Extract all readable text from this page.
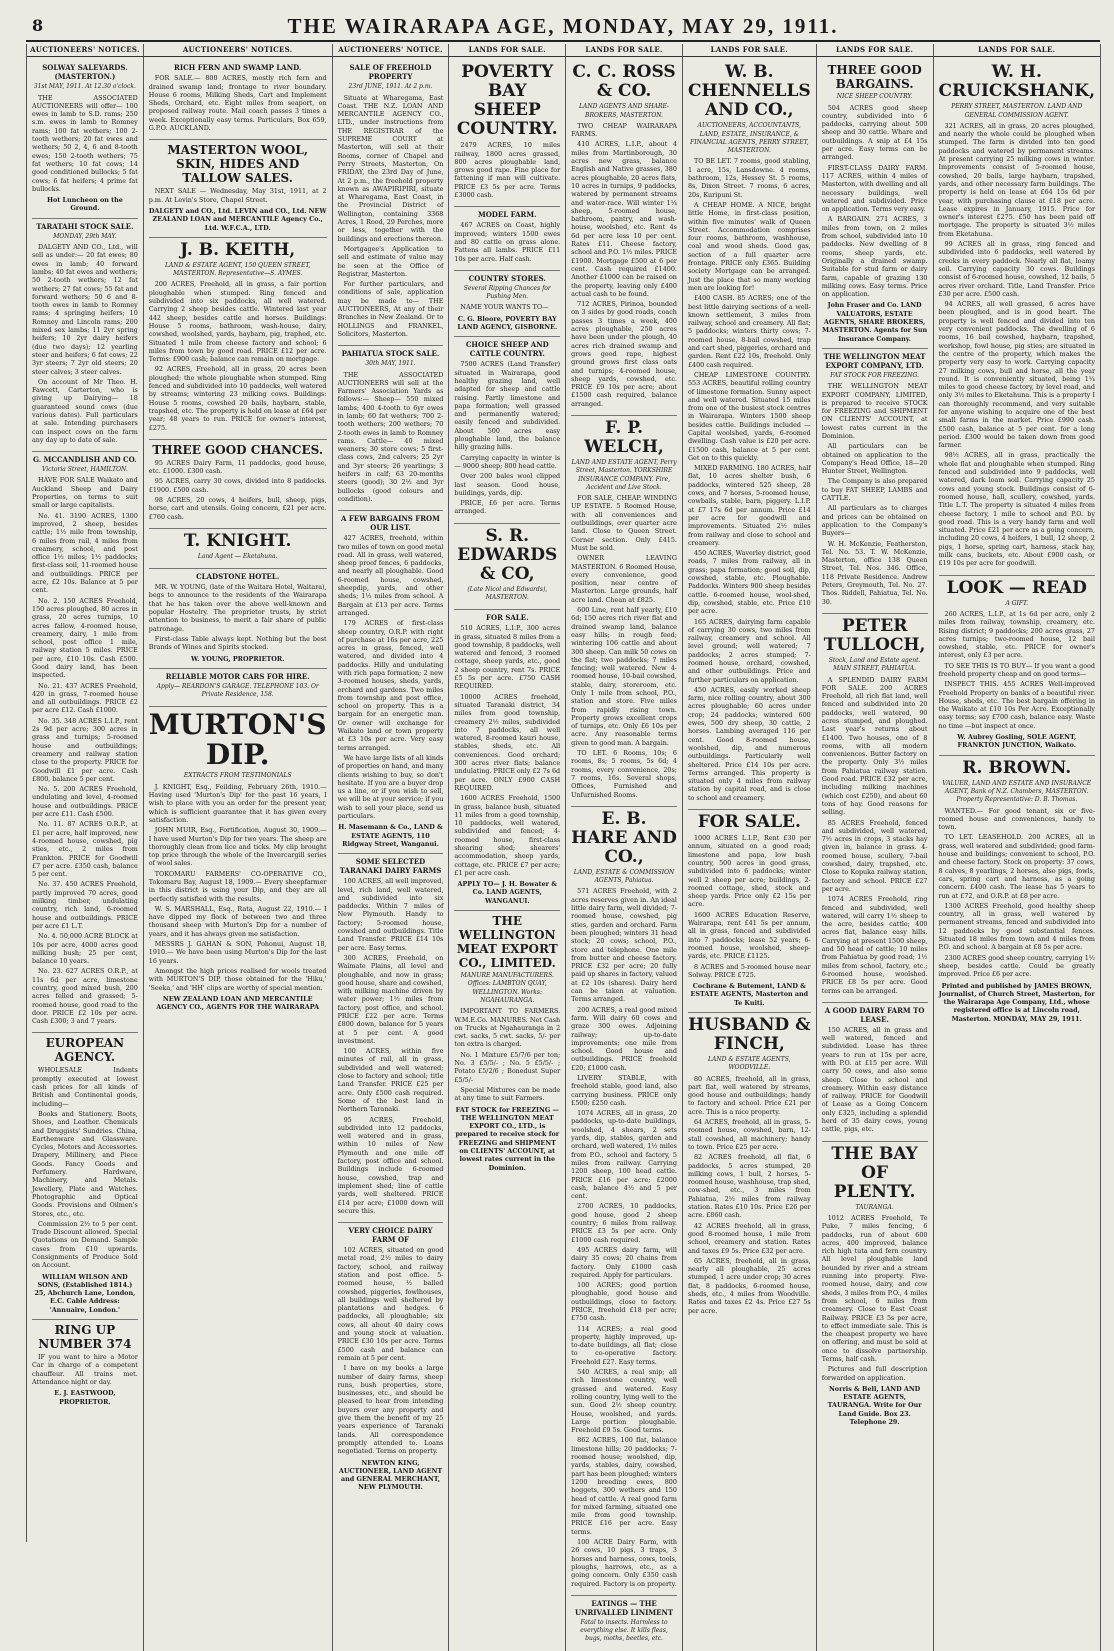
8	THE WAIRARAPA AGE, MONDAY, MAY 29, 1911.
AUCTIONEERS' NOTICES.
SOLWAY SALEYARDS. (MASTERTON.)
31st MAY, 1911. At 12.30 o'clock.

THE ASSOCIATED AUCTIONEERS will offer— 100 ewes in lamb to S.D. rams; 250 s.m. ewes in lamb to Romney rams; 100 fat wethers; 100 2-tooth wethers; 20 fat ewes and wethers; 50 2, 4, 6 and 8-tooth ewes; 150 2-tooth wethers; 75 fat wethers; 10 fat cows; 14 good conditioned bullocks; 5 fat cows; 6 fat heifers; 4 prime fat bullocks.

Hot Luncheon on the Ground.
TARATAHI STOCK SALE.
MONDAY, 29th MAY.

DALGETY AND CO., Ltd., will sell as under:— 20 fat ewes; 80 ewes in lamb; 40 forward lambs; 40 fat ewes and wethers; 50 2-tooth wethers; 12 fat wethers; 27 fat cows; 55 fat and forward wethers; 50 6 and 8-tooth ewes in lamb to Romney rams; 4 springing heifers; 10 Romney and Lincoln rams; 200 mixed sex lambs; 11 2yr spring heifers; 10 2yr dairy heifers (due two days); 12 yearling steer and heifers; 6 fat cows; 22 3yr steers; 7 2yr old steers; 20 steer calves; 3 steer calves.

On account of Mr Theo. H. Fawcett, Carterton, who is giving up Dairying— 18 guaranteed sound cows (due various dates). Full particulars at sale. Intending purchasers can inspect cows on the farm any day up to date of sale.

G. MCCANDLISH AND CO.
Victoria Street, HAMILTON.

HAVE FOR SALE Waikato and Auckland Sheep and Dairy Properties, on terms to suit small or large capitalists.

No. 41. 3190 ACRES, 1300 improved, 2 sheep, besides cattle; 1½ mile from township, 6 miles from rail, 4 miles from creamery, school, and post office 1½ miles; 1½ paddocks; first-class soil, 11-roomed house and outbuildings. PRICE per acre, £2 10s. Balance at 5 per cent.

No. 2. 150 ACRES Freehold, 150 acres ploughed, 80 acres in grass, 20 acres turnips, 10 acres fallow, 4-roomed house, creamery, dairy, 1 mile from school, post office 1 mile, railway station 5 miles. PRICE per acre, £10 10s. Cash £500. Good dairy land, has been inspected.

No. 21. 437 ACRES Freehold, 420 in grass, 7-roomed house and all outbuildings. PRICE £2 per acre £12. Cash £1000.

No. 35. 348 ACRES L.I.P., rent 2s 9d per acre; 300 acres in grass and turnips; 5-roomed house and outbuildings; creamery and railway station close to the property. PRICE for Goodwill £1 per acre. Cash £800, balance 5 per cent.

No. 5. 200 ACRES Freehold, undulating and level, 4-roomed house and outbuildings. PRICE per acre £11. Cash £500.

No. 11. 87 ACRES O.R.P., at £1 per acre, half improved, new 4-roomed house, cowshed, pig sties, etc., 2 miles from Frankton. PRICE for Goodwill £7 per acre. £350 cash, balance 5 per cent.

No. 37. 450 ACRES Freehold, partly improved 70 acres, good milking timber, undulating country, rich land, 6-roomed house and outbuildings. PRICE per acre £1 L.T.

No. 4. 50,000 ACRE BLOCK at 10s per acre, 4000 acres good milking bush; 25 per cent, balance 10 years.

No. 23. 627 ACRES O.R.P., at 11s 6d per acre, limestone country, good mixed bush, 200 acres felled and grassed; 5-roomed house, good road to the door. PRICE £2 10s per acre. Cash £300; 3 and 7 years.

EUROPEAN AGENCY.

WHOLESALE Indents promptly executed at lowest cash prices for all kinds of British and Continental goods, including—

Books and Stationery. Boots, Shoes, and Leather. Chemicals and Druggists' Sundries. China, Earthenware and Glassware. Cycles, Motors and Accessories. Drapery, Millinery, and Piece Goods. Fancy Goods and Perfumery. Hardware, Machinery, and Metals. Jewellery, Plate and Watches. Photographic and Optical Goods. Provisions and Oilmen's Stores, etc., etc.

Commission 2½ to 5 per cent. Trade Discount allowed. Special Quotations on Demand. Sample cases from £10 upwards. Consignments of Produce Sold on Account.

WILLIAM WILSON AND SONS, (Established 1814.) 25, Abchurch Lane, London, E.C. Cable Address: 'Annuaire, London.'
RING UP NUMBER 374

IF you want to hire a Motor Car in charge of a competent chauffeur. All trains met. Attendance night or day.

E. J. EASTWOOD, PROPRIETOR.
AUCTIONEERS' NOTICES.
RICH FERN AND SWAMP LAND.

FOR SALE.— 800 ACRES, mostly rich fern and drained swamp land; frontage to river boundary. House 6 rooms, Milking Sheds, Cart and Implement Sheds, Orchard, etc. Eight miles from seaport, on proposed railway route. Mail coach passes 3 times a week. Exceptionally easy terms. Particulars, Box 659, G.P.O. AUCKLAND.

MASTERTON WOOL, SKIN, HIDES AND TALLOW SALES.

NEXT SALE — Wednesday, May 31st, 1911, at 2 p.m. At Levin's Store, Chapel Street.

DALGETY and CO., Ltd. LEVIN and CO., Ltd. NEW ZEALAND LOAN and MERCANTILE Agency Co., Ltd. W.F.C.A., LTD.
J. B. KEITH,
LAND & ESTATE AGENT, 150 QUEEN STREET, MASTERTON. Representative—S. AYMES.

200 ACRES, Freehold, all in grass, a fair portion ploughable when stumped. Ring fenced and subdivided into six paddocks, all well watered. Carrying 2 sheep besides cattle. Wintered last year 442 sheep, besides cattle and horses. Buildings: House 5 rooms, bathroom, wash-house, dairy, cowshed, woolshed, yards, haybarn, pig, traphed, etc. Situated 1 mile from cheese factory and school; 6 miles from town by good road. PRICE £12 per acre. Terms: £900 cash; balance can remain on mortgage.

92 ACRES, Freehold, all in grass, 20 acres been ploughed; the whole ploughable when stumped. Ring fenced and subdivided into 10 paddocks, well watered by streams; wintering 23 milking cows. Buildings: House 5 rooms, cowshed 20 bails, haybarn, stable, trapshed, etc. The property is held on lease at £64 per year; 48 years to run. PRICE for owner's interest, £275.

THREE GOOD CHANCES.

95 ACRES Dairy Farm, 11 paddocks, good house, etc. £1000. £300 cash.

95 ACRES, carry 30 cows, divided into 8 paddocks. £1900. £500 cash.

98 ACRES, 20 cows, 4 heifers, bull, sheep, pigs, horse, cart and utensils. Going concern, £21 per acre. £760 cash.

T. KNIGHT.
Land Agent — Eketahuna.
CLADSTONE HOTEL.

MR. W. YOUNG, (late of the Waitara Hotel, Waitara), begs to announce to the residents of the Wairarapa that he has taken over the above well-known and popular Hostelry. The proprietor trusts, by strict attention to business, to merit a fair share of public patronage.

First-class Table always kept. Nothing but the best Brands of Wines and Spirits stocked.

W. YOUNG, PROPRIETOR.
RELIABLE MOTOR CARS FOR HIRE.
Apply— REARDON'S GARAGE. TELEPHONE 103. Or Private Residence, 158.
MURTON'S DIP.
EXTRACTS FROM TESTIMONIALS

J. KNIGHT, Esq., Feilding, February 26th, 1910.— Having used 'Murton's Dip' for the past 16 years, I wish to place with you an order for the present year, which is sufficient guarantee that it has given every satisfaction.

JOHN MUIR, Esq., Fortification, August 30, 1909.— I have used Murton's Dip for two years. The sheep are thoroughly clean from lice and ticks. My clip brought top price through the whole of the Invercargill series of wool sales.

TOKOMARU FARMERS' CO-OPERATIVE CO., Tokomaru Bay, August 18, 1909.— Every sheepfarmer in this district is using your Dip, and they are all perfectly satisfied with the results.

W. S. MARSHALL, Esq., Rata, August 22, 1910.— I have dipped my flock of between two and three thousand sheep with Murton's Dip for a number of years, and it has always given me satisfaction.

MESSRS J. GAHAN & SON, Pohonui, August 18, 1910.— We have been using Murton's Dip for the last 16 years.

Amongst the high prices realised for wools treated with MURTON'S DIP, those obtained for the 'Hiku,' 'Seeka,' and 'HH' clips are worthy of special mention.

NEW ZEALAND LOAN AND MERCANTILE AGENCY CO., AGENTS FOR THE WAIRARAPA
AUCTIONEERS' NOTICE.
SALE OF FREEHOLD PROPERTY
23rd JUNE, 1911. At 2 p.m.

Situate at Wharegama, East Coast. THE N.Z. LOAN AND MERCANTILE AGENCY CO., LTD., under instructions from THE REGISTRAR of the SUPREME COURT at Masterton, will sell at their Rooms, corner of Chapel and Perry Streets, Masterton, On FRIDAY, the 23rd Day of June, At 2 p.m., the freehold property known as AWAPIRIPIRI, situate at Wharegama, East Coast, in the Provincial District of Wellington, containing 3368 Acres, 1 Rood, 29 Perches, more or less, together with the buildings and erections thereon.

Mortgagee's Application to sell and estimate of value may be seen at the Office of Registrar, Masterton.

For further particulars, and conditions of sale, application may be made to— THE AUCTIONEERS, At any of their Branches in New Zealand. Or to HOLLINGS and FRANKEL, Solicitors, Masterton.

PAHIATUA STOCK SALE.
30th MAY, 1911.

THE ASSOCIATED AUCTIONEERS will sell at the Farmers' Association Yards as follows:— Sheep— 550 mixed lambs; 400 4-tooth to 6yr ewes in lamb; 60 fat wethers; 700 2-tooth wethers; 200 wethers; 70 2-tooth ewes in lamb to Romney rams. Cattle— 40 mixed weaners; 30 store cows; 5 first-class cows, 2nd calvers; 25 2yr and 3yr steers; 26 yearlings; 3 heifers in calf; 63 20-months steers (good); 30 2½ and 3yr bullocks (good colours and condition).

A FEW BARGAINS FROM OUR LIST.

427 ACRES, freehold, within two miles of town on good metal road. All in grass, well watered, sheep proof fences, 6 paddocks, and nearly all ploughable. Good 6-roomed house, cowshed, sheepdip, yards, and other sheds; 1½ miles from school. A Bargain at £13 per acre. Terms arranged.

179 ACRES of first-class sheep country, O.R.P. with right of purchase at 16s per acre, 225 acres in grass, fenced, well watered, and divided into 4 paddocks. Hilly and undulating with rich papa formation; 2 new 3-roomed houses, sheds, yards, orchard and gardens. Two miles from township and post office, school on property. This is a bargain for an energetic man. Or owner will exchange for Waikato land or town property at £3 10s per acre. Very easy terms arranged.

We have large lists of all kinds of properties on hand, and many clients wishing to buy, so don't hesitate. If you are a buyer drop us a line, or if you wish to sell, we will be at your service; if you wish to sell your place, send us particulars.

H. Masemann & Co., LAND & ESTATE AGENTS, 110 Ridgway Street, Wanganui.
SOME SELECTED TARANAKI DAIRY FARMS

100 ACRES, all well improved, level, rich land, well watered, and subdivided into six paddocks. Within 7 miles of New Plymouth. Handy to factory; 5-roomed house, cowshed and outbuildings. Title Land Transfer. PRICE £14 10s per acre. Easy terms.

300 ACRES, Freehold, on Waimate Plains, all level and ploughable, and now in grass; good house, share and cowshed, with milking machine driven by water power; 1½ miles from factory, post office, and school. PRICE £22 per acre. Terms £800 down, balance for 5 years at 5 per cent. A good investment.

100 ACRES, within five minutes of rail, all in grass, subdivided and well watered; close to factory and school; title Land Transfer. PRICE £25 per acre. Only £500 cash required. Some of the best land in Northern Taranaki.

95 ACRES, Freehold, subdivided into 12 paddocks, well watered and in grass, within 10 miles of New Plymouth and one mile off factory, post office and school. Buildings include 6-roomed house, cowshed, trap and implement shed; line of cattle yards, well sheltered. PRICE £14 per acre; £1000 down will secure this.

VERY CHOICE DAIRY FARM OF

102 ACRES, situated on good metal road, 2½ miles to dairy factory, school, and railway station and post office. 5-roomed house, ½ balled cowshed, piggeries, fowlhouses, all buildings well sheltered by plantations and hedges. 6 paddocks, all ploughable; six cows, all about 40 dairy cows and young stock at valuation. PRICE £30 10s per acre. Terms £500 cash and balance can remain at 5 per cent.

I have on my books a large number of dairy farms, sheep runs, bush properties, store, businesses, etc., and should be pleased to hear from intending buyers over any property and give them the benefit of my 25 years experience of Taranaki lands. All correspondence promptly attended to. Loans negotiated. Terms on property.

NEWTON KING, AUCTIONEER, LAND AGENT and GENERAL MERCHANT, NEW PLYMOUTH.
LANDS FOR SALE.
POVERTY BAY SHEEP COUNTRY.

2479 ACRES, 10 miles railway, 1800 acres grassed, 800 acres ploughable land, grows good rape. Fine place for fattening if man will cultivate. PRICE £3 5s per acre. Terms £3000 cash.

MODEL FARM.

467 ACRES on Coast, highly improved; winters 1500 ewes and 80 cattle on grass alone. Fattens all lambs. PRICE £11 10s per acre. Half cash.

COUNTRY STORES.
Several Ripping Chances for Pushing Men.

NAME YOUR WANTS TO—

C. G. Bloore, POVERTY BAY LAND AGENCY, GISBORNE.
CHOICE SHEEP AND CATTLE COUNTRY.

7500 ACRES (Land Transfer) situated in Wairarapa, good healthy grazing land, well adapted for sheep and cattle raising. Partly limestone and papa formation; well grassed and permanently watered; easily fenced and subdivided. About 500 acres easy ploughable land, the balance hilly grazing hills.

Carrying capacity in winter is— 9000 sheep; 800 head cattle.

Over 200 bales wool clipped last season. Good house, buildings, yards, dip.

PRICE, £6 per acre. Terms arranged.

S. R. EDWARDS & CO,
(Late Nicol and Edwards), MASTERTON.
FOR SALE.

510 ACRES, L.I.P., 300 acres in grass, situated 8 miles from a good township, 8 paddocks, well watered and fenced, 3 roomed cottage, sheep yards, etc., good 2 sheep country, rent 7s. PRICE £5 5s per acre. £750 CASH REQUIRED.

10000 ACRES freehold, situated Taranaki district, 34 miles from good township, creamery 2½ miles, subdivided into 7 paddocks, all well watered, 8-roomed kauri house, stables, sheds, etc. All conveniences. Good orchard; 300 acres river flats; balance undulating. PRICE only £2 7s 6d per acre. ONLY £900 CASH REQUIRED.

1600 ACRES Freehold, 1500 in grass, balance bush, situated 11 miles from a good township, 10 paddocks, well watered, subdivided and fenced; 4-roomed house, first-class shearing shed; shearers' accommodation, sheep yards, cottage, etc. PRICE £7 per acre; £1 per acre cash.

APPLY TO— J. H. Bowater & Co. LAND AGENTS, WANGANUI.
THE WELLINGTON MEAT EXPORT CO., LIMITED.
MANURE MANUFACTURERS. Offices: LAMBTON QUAY, WELLINGTON. Works: NGAHAURANGA.

IMPORTANT TO FARMERS. W.M.E.Co. MANURES. Net Cash on Trucks at Ngahauranga in 2 cwt. sacks, 5 cwt. sacks, 5/- per ton extra is charged.

No. 1 Mixture £5/7/6 per ton; No. 3 £5/5/- ; No. 5 £5/5/- ; Potato £5/2/6 ; Bonedust Super £5/5/-

Special Mixtures can be made at any time to suit Farmers.

FAT STOCK for FREEZING — THE WELLINGTON MEAT EXPORT CO., LTD., is prepared to receive stock for FREEZING and SHIPMENT on CLIENTS' ACCOUNT, at lowest rates current in the Dominion.
LANDS FOR SALE.
C. C. ROSS & CO.
LAND AGENTS AND SHARE-BROKERS, MASTERTON.

TWO CHEAP WAIRARAPA FARMS.

410 ACRES, L.I.P., about 4 miles from Martinborough, 30 acres new grass, balance English and Native grasses, 380 acres ploughable, 20 acres flats, 10 acres in turnips, 9 paddocks, watered by permanent streams and water-race. Will winter 1¼ sheep, 5-roomed house, bathroom, pantry, and wash-house, woolshed, etc. Rent 4s 6d per acre less 10 per cent. Rates £11. Cheese factory, school and P.O. 1½ miles. PRICE £1900. Mortgage £500 at 6 per cent. Cash required £1400. Another £1000 can be raised on the property, leaving only £400 actual cash to be found.

712 ACRES, Pirinoa, bounded on 3 sides by good roads, coach passes 3 times a week, 400 acres ploughable, 250 acres have been under the plough, 40 acres rich drained swamp and grows good rape, highest ground grows first class oats and turnips; 4-roomed house, sheep yards, cowshed, etc. PRICE £9 10s per acre; about £1500 cash required, balance arranged.

F. P. WELCH,
LAND AND ESTATE AGENT, Perry Street, Masterton. YORKSHIRE INSURANCE COMPANY. Fire, Accident and Live Stock.

FOR SALE, CHEAP. WINDING UP ESTATE. 5 Roomed House, with all conveniences and outbuildings, over quarter acre land. Close to Queen Street. Corner section. Only £415. Must be sold.

OWNER LEAVING MASTERTON. 6 Roomed House, every convenience, good position, near centre of Masterton. Large grounds, half acre land. Chean at £825.

600 Line, rent half yearly, £10 6d; 150 acres rich river flat and drained swamp land, balance easy hills; in rough feed; wintering 106 cattle and about 300 sheep. Can milk 50 cows on the flat; two paddocks; 7 miles fencing; well watered. New 4-roomed house, 10-bail cowshed, stable, dairy, storeroom, etc. Only 1 mile from school, P.O., station and store. Five miles from rapidly rising town. Property grows excellent crops of turnips, etc. Only £6 10s per acre. Any reasonable terms given to good man. A bargain.

TO LET. 6 Rooms, 10s; 6 rooms, 8s; 5 rooms, 5s 6d; 4 rooms, every convenience, 20s; 7 rooms, 16s. Several shops, Offices, Furnished and Unfurnished Rooms.

E. B. HARE AND CO.,
LAND, ESTATE & COMMISSION AGENTS, Pahiatua.

571 ACRES Freehold, with 2 acres reserves given in. An ideal little dairy farm, well divided; 7-roomed house, cowshed, pig sties, garden and orchard. Farm been ploughed; winters 31 head stock; 20 cows; school, P.O., store and telephone. One mile from butter and cheese factory. PRICE £32 per acre; 20 fully paid up shares in factory, valued at £2 10s (shares). Dairy herd can be taken at valuation. Terms arranged.

200 ACRES, a real good mixed farm. Will dairy 60 cows and graze 300 ewes. Adjoining railway; up-to-date improvements; one mile from school. Good house and outbuildings. PRICE freehold £20; £1000 cash.

LIVERY STABLE, with freehold stable, good land, also carrying business. PRICE only £500; £250 cash.

1074 ACRES, all in grass, 20 paddocks, up-to-date buildings, woolshed, 4 shears, 2 sets yards, dip, stables, garden and orchard, well watered, 1½ miles from P.O., school and factory, 5 miles from railway. Carrying 1200 sheep, 100 head cattle. PRICE £16 per acre; £2000 cash, balance 4½ and 5 per cent.

2700 ACRES, 10 paddocks, good house, good 2 sheep country; 6 miles from railway. PRICE £3 5s per acre. Only £1000 cash required.

495 ACRES dairy farm, will dairy 35 cows; 20 chains from factory. Only £1000 cash required. Apply for particulars.

100 ACRES; good portion ploughable, good house and outbuildings, close to factory. PRICE, freehold £18 per acre; £750 cash.

114 ACRES; a real good property, highly improved, up-to-date buildings, all flat; close to co-operative factory. Freehold £27. Easy terms.

540 ACRES, a real snip; all rich limestone country, well grassed and watered. Easy rolling country, lying well to the sun. Good 2½ sheep country. House, woolshed, and yards. Large portion ploughable. Freehold £9 5s. Good terms.

862 ACRES, 100 flat, balance limestone hills; 20 paddocks; 7-roomed house; woolshed, dip, yards, stables, dairy, cowshed, part has been ploughed; winters 1200 breeding ewes, 800 hoggets, 300 wethers and 150 head of cattle. A real good farm for mixed farming, situated one mile from good township. PRICE £16 per acre. Easy terms.

100 ACRE Dairy Farm, with 26 cows, 10 pigs, 3 traps, 3 horses and harness, cows, tools, ploughs, harrows, etc., as a going concern. Only £350 cash required. Factory is on property.

EATINGS — THE UNRIVALLED LINIMENT
Fatal to insects. Harmless to everything else. It kills fleas, bugs, moths, beetles, etc.
LANDS FOR SALE.
W. B. CHENNELLS AND CO.,
AUCTIONEERS, ACCOUNTANTS, LAND, ESTATE, INSURANCE, & FINANCIAL AGENTS, PERRY STREET, MASTERTON.

TO BE LET. 7 rooms, good stabling, 1 acre, 15s, Lansdowne. 4 rooms, bathroom, 12s, Hessey St. 5 rooms, 8s, Dixon Street. 7 rooms, 6 acres, 20s, Kuripuni St.

A CHEAP HOME. A NICE, bright little Home, in first-class position, within five minutes' walk of Queen Street. Accommodation comprises four rooms, bathroom, washhouse, coal and wood sheds. Good gas, section of a full quarter acre frontage. PRICE only £365. Building society Mortgage can be arranged. Just the place that so many working men are looking for!

£400 CASH. 85 ACRES; one of the best little dairying sections of a well-known settlement, 3 miles from railway, school and creamery. All flat; 5 paddocks; winters thirty cows; 7-roomed house, 8-bail cowshed, trap and cart shed, piggeries, orchard and garden. Rent £22 10s, freehold. Only £400 cash required.

CHEAP LIMESTONE COUNTRY. 553 ACRES, beautiful rolling country of limestone formation. Sunny aspect and well watered. Situated 15 miles from one of the busiest stock centres in Wairarapa. Winters 1500 sheep besides cattle. Buildings included — Capital woolshed, yards, 6-roomed dwelling. Cash value is £20 per acre. £1500 cash, balance at 5 per cent. Get on to this quickly.

MIXED FARMING. 180 ACRES, half flat, 10 acres shelter bush, 6 paddocks, wintered 525 sheep, 28 cows, and 7 horses, 5-roomed house, cowbails, stable, barn, piggery. L.I.P. at £7 17s 6d per annum. Price £14 per acre for goodwill and improvements. Situated 2½ miles from railway and close to school and creamery.

450 ACRES, Waverley district, good roads, 7 miles from railway, all in grass; papa formation; good soil, dip, cowshed, stable, etc. Ploughable. Paddocks. Winters 900 sheep besides cattle. 6-roomed house, wool-shed, dip, cowshed, stable, etc. Price £10 per acre.

165 ACRES, dairying farm capable of carrying 30 cows, two miles from railway, creamery and school. All level ground; well watered; 7 paddocks; 2 acres stumped; 7-roomed house, orchard, cowshed, and other outbuildings. Price and further particulars on application.

450 ACRES, easily worked sheep farm, nice rolling country, about 300 acres ploughable; 60 acres under crop; 24 paddocks; wintered 600 ewes, 500 dry sheep, 30 cattle, 2 horses. Lambing averaged 116 per cent. Good 8-roomed house, woolshed, dip, and numerous outbuildings. Particularly well sheltered. Price £14 10s per acre. Terms arranged. This property is situated only 4 miles from railway station by capital road, and is close to school and creamery.

FOR SALE.

1000 ACRES L.I.P., Rent £30 per annum, situated on a good road; limestone and papa, low bush country, 500 acres in good grass, subdivided into 6 paddocks; winter well 2 sheep per acre; buildings, 2-roomed cottage, shed, stock and sheep yards. Price only £2 15s per acre.

1600 ACRES Education Reserve, Wairarapa, rent £41 5s per annum, all in grass, fenced and subdivided into 7 paddocks; lease 52 years; 6-roomed house, woolshed, sheep-yards, etc. PRICE £1125.

8 ACRES and 5-roomed house near Solway. PRICE £725.

Cochrane & Butement, LAND & ESTATE AGENTS, Masterton and Te Kuiti.
HUSBAND & FINCH,
LAND & ESTATE AGENTS, WOODVILLE.

80 ACRES, freehold, all in grass, part flat, well watered by streams, good house and outbuildings; handy to factory and school. Price £21 per acre. This is a nice property.

64 ACRES, freehold, all in grass, 5-roomed house, cowshed, barn, 12-stall cowshed, all machinery; handy to town. Price £25 per acre.

82 ACRES freehold, all flat, 6 paddocks, 5 acres stumped, 20 milking cows, 1 bull, 2 horses, 5-roomed house, washhouse, trap shed, cow-shed, etc., 3 miles from Pahiatua, 2½ miles from railway station. Rates £10 10s. Price £26 per acre. £860 cash.

42 ACRES freehold, all in grass, good 8-roomed house, 1 mile from school, creamery and station. Rates and taxes £9 5s. Price £32 per acre.

65 ACRES, freehold, all in grass, nearly all ploughable, 25 acres stumped, 1 acre under crop; 30 acres flat, 8 paddocks, 6-roomed house, sheds, etc., 4 miles from Woodville. Rates and taxes £2 4s. Price £27 5s per acre.

LANDS FOR SALE.
THREE GOOD BARGAINS.
NICE SHEEP COUNTRY.

504 ACRES good sheep country, subdivided into 6 paddocks, carrying about 500 sheep and 30 cattle. Whare and outbuildings. A snip at £4 15s per acre. Easy terms can be arranged.

FIRST-CLASS DAIRY FARM. 117 ACRES, within 4 miles of Masterton, with dwelling and all necessary buildings, well watered and subdivided. Price on application. Terms very easy.

A BARGAIN. 271 ACRES, 3 miles from town, on 2 miles from school, subdivided into 10 paddocks. New dwelling of 8 rooms, sheep yards, etc. Originally a drained swamp. Suitable for stud farm or dairy farm, capable of grazing 130 milking cows. Easy terms. Price on application.

John Fraser and Co. LAND VALUATORS, ESTATE AGENTS, SHARE BROKERS, MASTERTON. Agents for Sun Insurance Company.
THE WELLINGTON MEAT EXPORT COMPANY, LTD.
FAT STOCK FOR FREEZING.

THE WELLINGTON MEAT EXPORT COMPANY, LIMITED, is prepared to receive STOCK for FREEZING and SHIPMENT ON CLIENTS' ACCOUNT, at lowest rates current in the Dominion.

All particulars can be obtained on application to the Company's Head Office, 18—20 Hunter Street, Wellington.

The Company is also prepared to buy FAT SHEEP, LAMBS and CATTLE.

All particulars as to charges and prices can be obtained on application to the Company's Buyers—

W. H. McKenzie, Featherston, Tel. No. 53. T. W. McKenzie, Masterton, office 138 Queen Street, Tel. Nos. 346. Office, 118 Private Residence. Andrew Peters, Greymouth, Tel. No. 27. Thos. Riddell, Pahiatua, Tel. No. 30.

PETER TULLOCH,
Stock, Land and Estate agent. MAIN STREET, PAHIATUA.

A SPLENDID DAIRY FARM FOR SALE. 200 ACRES Freehold, all rich flat land, well fenced and subdivided into 20 paddocks, well watered, 90 acres stumped, and ploughed. Last year's returns about £1400. Two houses, one of 8 rooms, with all modern conveniences. Butter factory on the property. Only 3½ miles from Pahiatua railway station. Good road. PRICE £32 per acre, including milking machines (which cost £250), and about 60 tons of hay. Good reasons for selling.

85 ACRES Freehold, fenced and subdivided, well watered, 7½ acres in crops, 3 stacks hay given in, balance in grass. 4-roomed house, scullery, 7-bail cowshed, dairy, trapshed, etc. Close to Kopuka railway station, factory and school. PRICE £27 per acre.

1074 ACRES Freehold, ring fenced and subdivided, well watered, will carry 1½ sheep to the acre, besides cattle; 400 acres flat, balance easy hills. Carrying at present 1500 sheep, and 50 head of cattle; 10 miles from Pahiatua by good road; 1½ miles from school, factory, etc.; 6-roomed house, woolshed. PRICE £8 5s per acre. Good terms can be arranged.

A GOOD DAIRY FARM TO LEASE.

150 ACRES, all in grass and well watered, fenced and subdivided. Lease has three years to run at 15s per acre, with P.O. at £15 per acre. Will carry 50 cows, and also some sheep. Close to school and creamery. Within easy distance of railway. PRICE for Goodwill of Lease as a Going Concern only £325, including a splendid herd of 35 dairy cows, young cattle, pigs, etc.

THE BAY OF PLENTY.
TAURANGA.

1012 ACRES Freehold, Te Puke, 7 miles fencing, 6 paddocks, run of about 600 acres, 400 improved, balance rich high tuta and fern country. All level ploughable land bounded by river and a stream running into property. Five-roomed house, dairy, and cow sheds, 3 miles from P.O., 4 miles from school, 6 miles from creamery. Close to East Coast Railway. PRICE £3 5s per acre, to effect immediate sale. This is the cheapest property we have on offering, and must be sold at once to dissolve partnership. Terms, half cash.

Pictures and full description forwarded on application.

Norris & Bell, LAND AND ESTATE AGENTS, TAURANGA. Write for Our Land Guide. Box 23. Telephone 29.
LANDS FOR SALE.
W. H. CRUICKSHANK,
PERRY STREET, MASTERTON. LAND AND GENERAL COMMISSION AGENT.

321 ACRES, all in grass, 20 acres ploughed, and nearly the whole could be ploughed when stumped. The farm is divided into ten good paddocks and watered by permanent streams. At present carrying 25 milking cows in winter. Improvements consist of 5-roomed house, cowshed, 20 bails, large haybarn, trapshed, yards, and other necessary farm buildings. The property is held on lease at £64 15s 6d per year, with purchasing clause at £18 per acre. Lease expires in January, 1915. Price for owner's interest £275. £50 has been paid off mortgage. The property is situated 3½ miles from Eketahuna.

99 ACRES all in grass, ring fenced and subdivided into 6 paddocks, well watered by creeks in every paddock. Nearly all flat, loamy soil. Carrying capacity 30 cows. Buildings consist of 6-roomed house, cowshed, 12 bails, 5 acres river orchard. Title, Land Transfer. Price £30 per acre. £500 cash.

94 ACRES, all well grassed, 6 acres have been ploughed, and is in good heart. The property is well fenced and divided into ten very convenient paddocks. The dwelling of 6 rooms, 16 bail cowshed, haybarn, trapshed, workshop, fowl house, pig sties; are situated in the centre of the property, which makes the property very easy to work. Carrying capacity 27 milking cows, bull and horse, all the year round. It is conveniently situated, being 1¼ miles to good cheese factory, by level road, and only 3½ miles to Eketahuna. This is a property I can thoroughly recommend, and very suitable for anyone wishing to acquire one of the best small farms in the market. Price £990 cash. £500 cash, balance at 5 per cent. for a long period. £300 would be taken down from good farmer.

98½ ACRES, all in grass, practically the whole flat and ploughable when stumped. Ring fenced and subdivided into 9 paddocks, well watered, dark loam soil. Carrying capacity 25 cows and young stock. Buildings consist of 6-roomed house, hall, scullery, cowshed, yards. Title L.T. The property is situated 4 miles from cheese factory, 1 mile to school and P.O. by good road. This is a very handy farm and well situated. Price £21 per acre as a going concern, including 20 cows, 4 heifers, 1 bull, 12 sheep, 2 pigs, 1 horse, spring cart, harness, stack hay, milk cans, buckets, etc. About £900 cash, or £19 10s per acre for goodwill.

LOOK — READ
A GIFT.

260 ACRES, L.I.P., at 1s 6d per acre, only 2 miles from railway, township, creamery, etc. Rising district; 9 paddocks; 200 acres grass, 27 acres turnips; two-roomed house, 12 bail cowshed, stable, etc. PRICE for owner's interest, only £3 per acre.

TO SEE THIS IS TO BUY— If you want a good freehold property cheap and on good terms—

INSPECT THIS. 455 ACRES Well-improved Freehold Property on banks of a beautiful river. House, sheds, etc. The best bargain offering in the Waikato at £10 10s Per Acre. Exceptionally easy terms; say £700 cash, balance easy. Waste no time —but inspect at once.

W. Aubrey Gosling, SOLE AGENT, FRANKTON JUNCTION, Waikato.
R. BROWN.
VALUER, LAND AND ESTATE AND INSURANCE AGENT, Bank of N.Z. Chambers, MASTERTON. Property Representative: D. B. Thomas.

WANTED.— For good tenant, six or five-roomed house and conveniences, handy to town.

TO LET. LEASEHOLD. 200 ACRES, all in grass, well watered and subdivided; good farm-house and buildings; convenient to school, P.O. and cheese factory. Stock on property: 37 cows, 8 calves, 8 yearlings, 2 horses, also pigs, fowls, cars, spring cart and harness, as a going concern. £400 cash. The lease has 5 years to run at £72, and O.R.P. at £8 per acre.

1300 ACRES Freehold, good healthy sheep country, all in grass, well watered by permanent streams, fenced and subdivided into 12 paddocks by good substantial fences. Situated 18 miles from town and 4 miles from P.O. and school. A bargain at £8 5s per acre.

2300 ACRES good sheep country, carrying 1½ sheep, besides cattle. Could be greatly improved. Price £6 per acre.

Printed and published by JAMES BROWN, Journalist, of Church Street, Masterton, for the Wairarapa Age Company, Ltd., whose registered office is at Lincoln road, Masterton. MONDAY, MAY 29, 1911.
